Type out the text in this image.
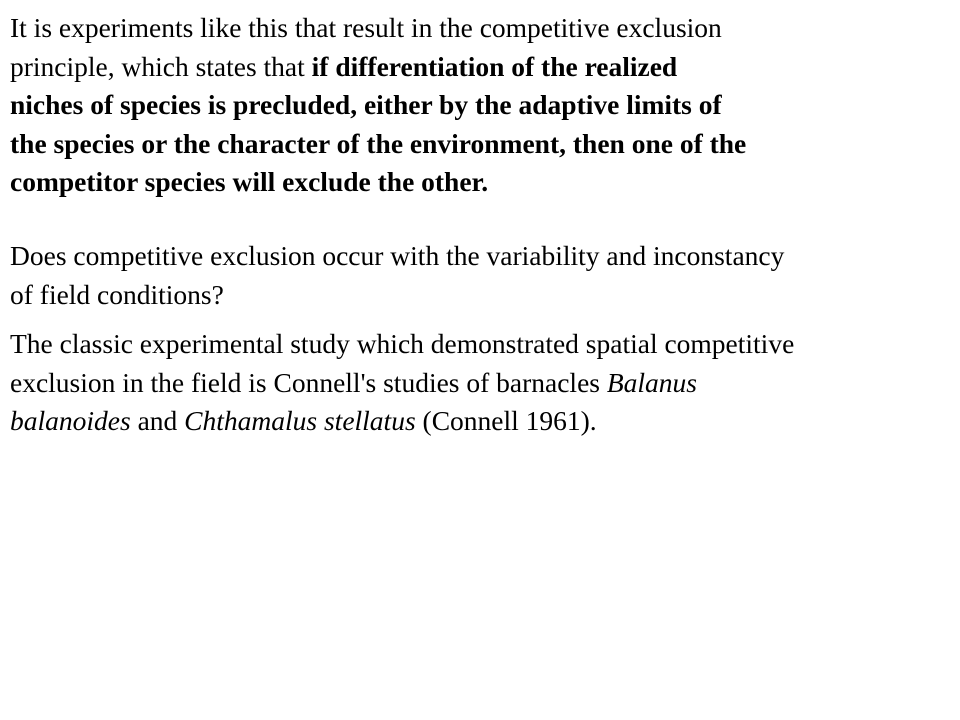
It is experiments like this that result in the competitive exclusion
principle, which states that if differentiation of the realized
niches of species is precluded, either by the adaptive limits of
the species or the character of the environment, then one of the
competitor species will exclude the other.

Does competitive exclusion occur with the variability and inconstancy
of field conditions?

The classic experimental study which demonstrated spatial competitive
exclusion in the field is Connell's studies of barnacles Balanus
balanoides and Chthamalus stellatus (Connell 1961).
